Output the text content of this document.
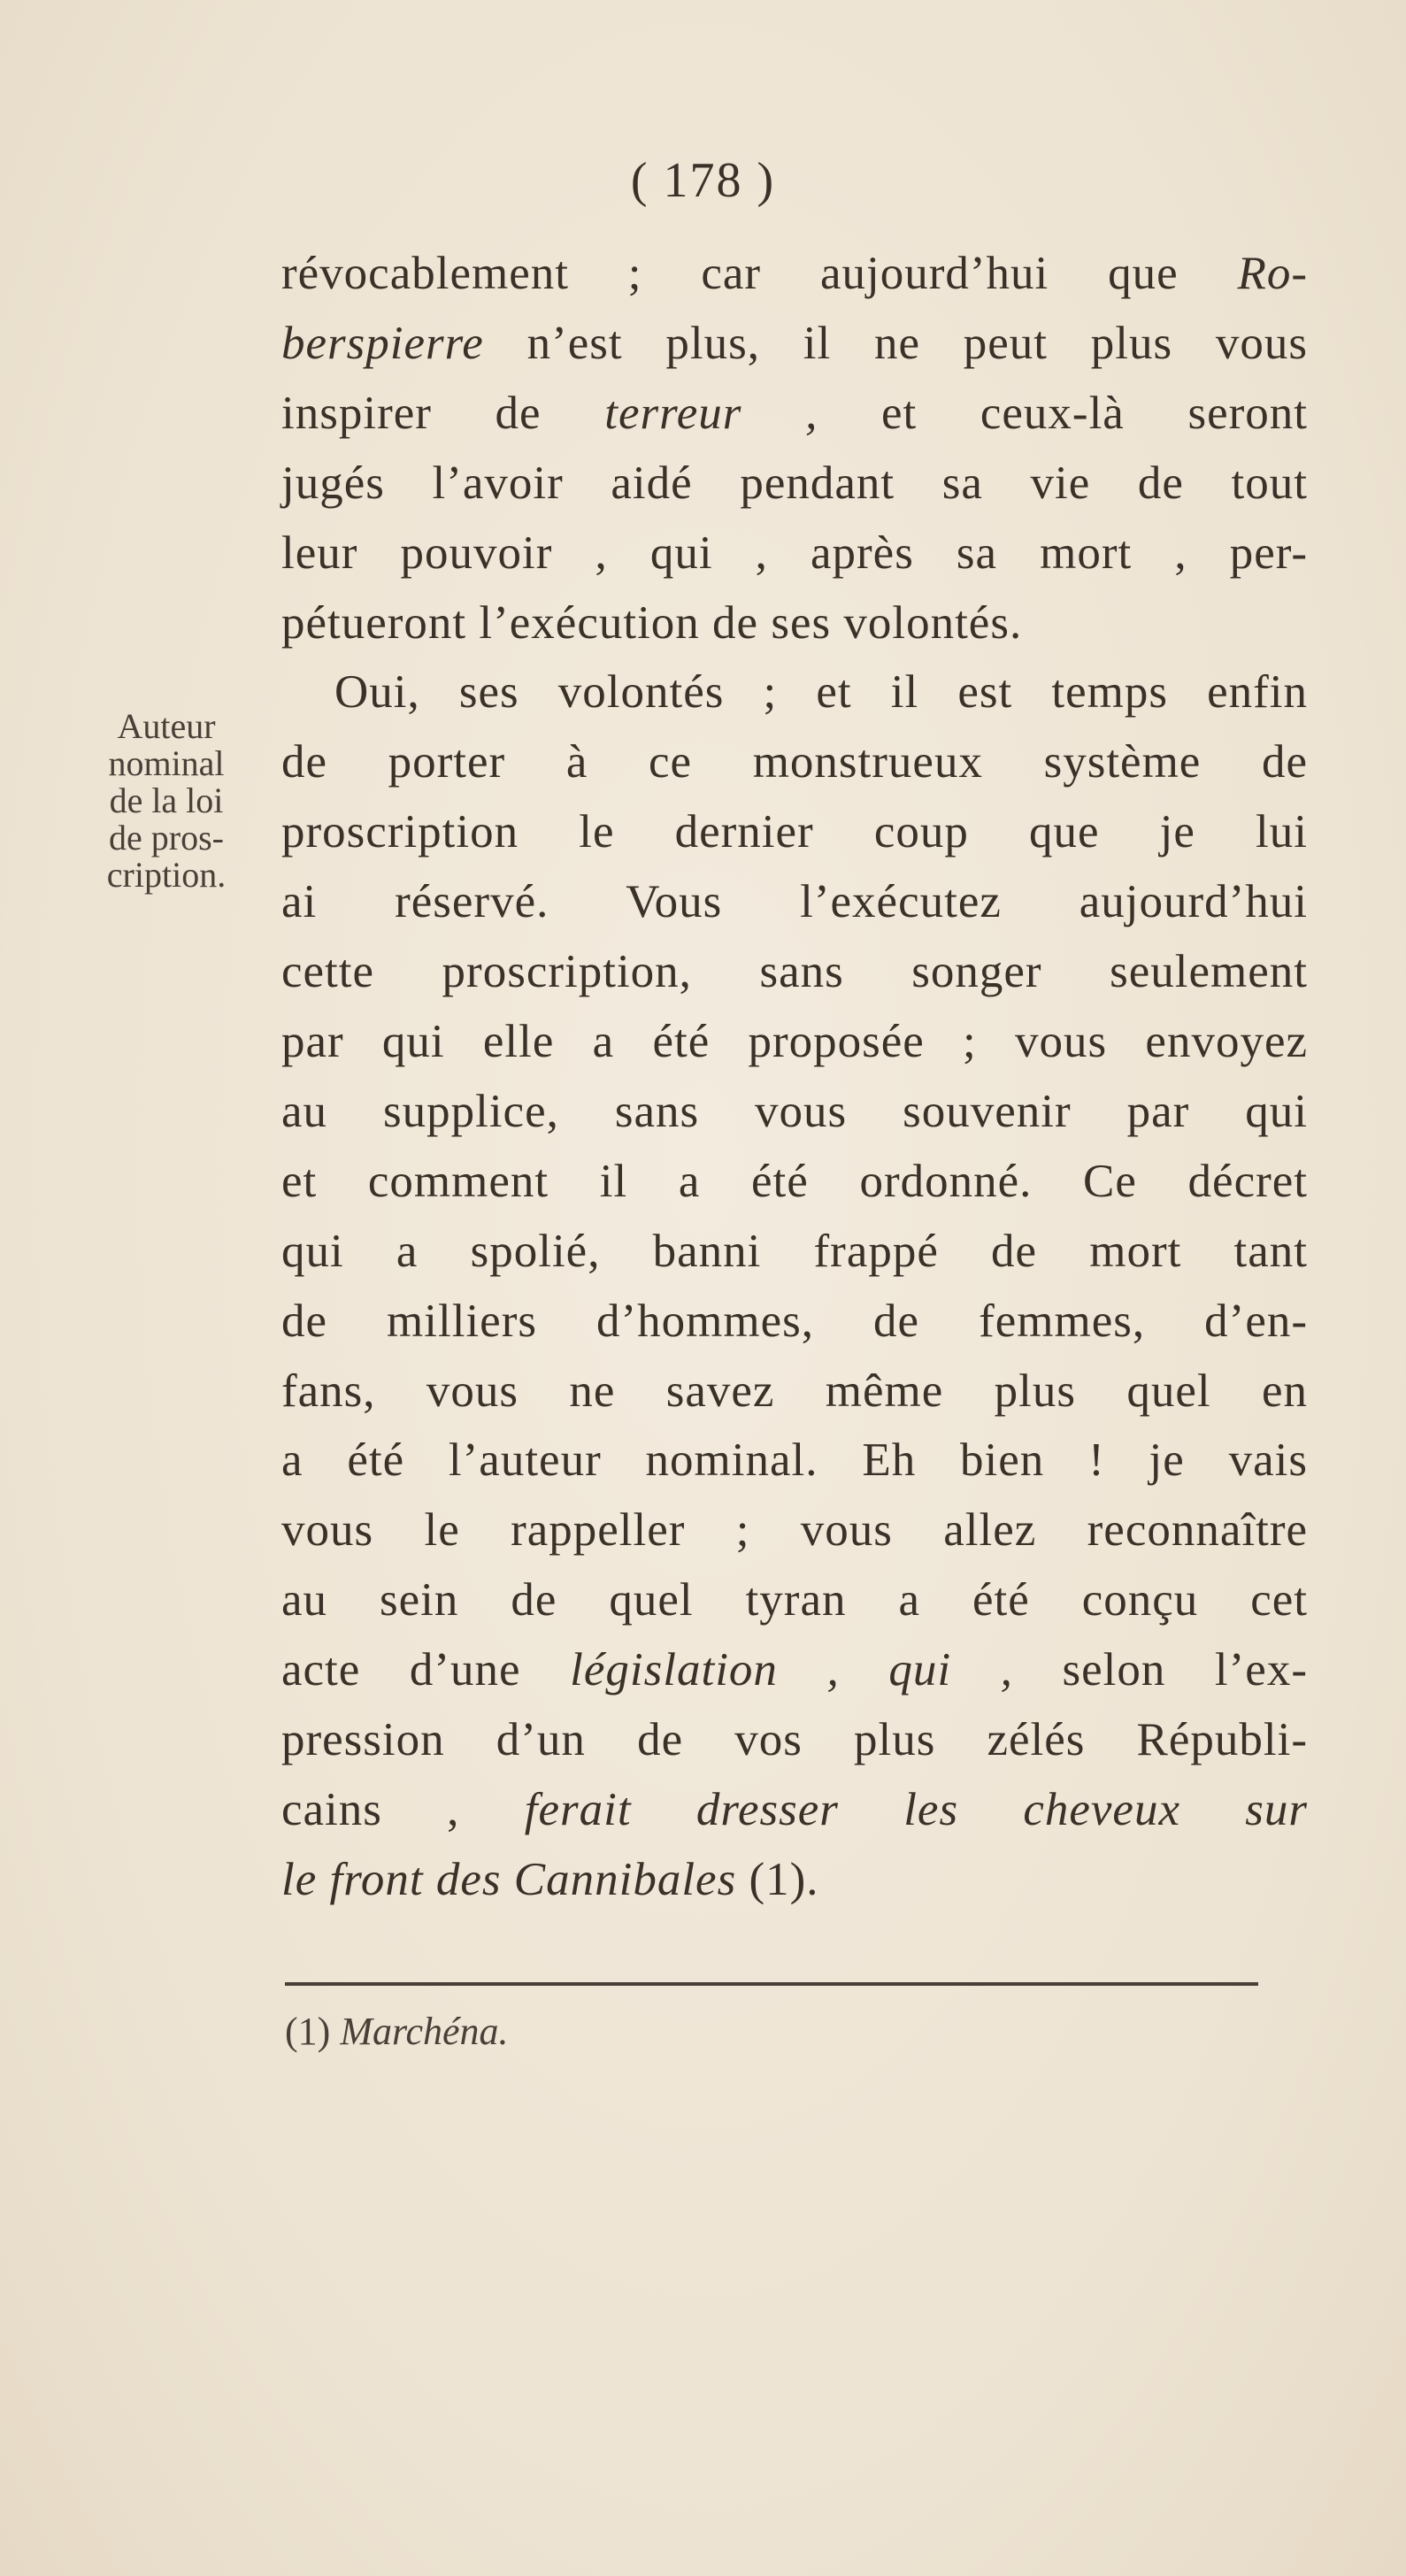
( 178 )
Auteur
nominal
de la loi
de pros-
cription.
révocablement ; car aujourd’hui que Ro-
berspierre n’est plus, il ne peut plus vous
inspirer de terreur , et ceux-là seront
jugés l’avoir aidé pendant sa vie de tout
leur pouvoir , qui , après sa mort , per-
pétueront l’exécution de ses volontés.
Oui, ses volontés ; et il est temps enfin
de porter à ce monstrueux système de
proscription le dernier coup que je lui
ai réservé. Vous l’exécutez aujourd’hui
cette proscription, sans songer seulement
par qui elle a été proposée ; vous envoyez
au supplice, sans vous souvenir par qui
et comment il a été ordonné. Ce décret
qui a spolié, banni frappé de mort tant
de milliers d’hommes, de femmes, d’en-
fans, vous ne savez même plus quel en
a été l’auteur nominal. Eh bien ! je vais
vous le rappeller ; vous allez reconnaître
au sein de quel tyran a été conçu cet
acte d’une législation , qui , selon l’ex-
pression d’un de vos plus zélés Républi-
cains , ferait dresser les cheveux sur
le front des Cannibales (1).
(1) Marchéna.
